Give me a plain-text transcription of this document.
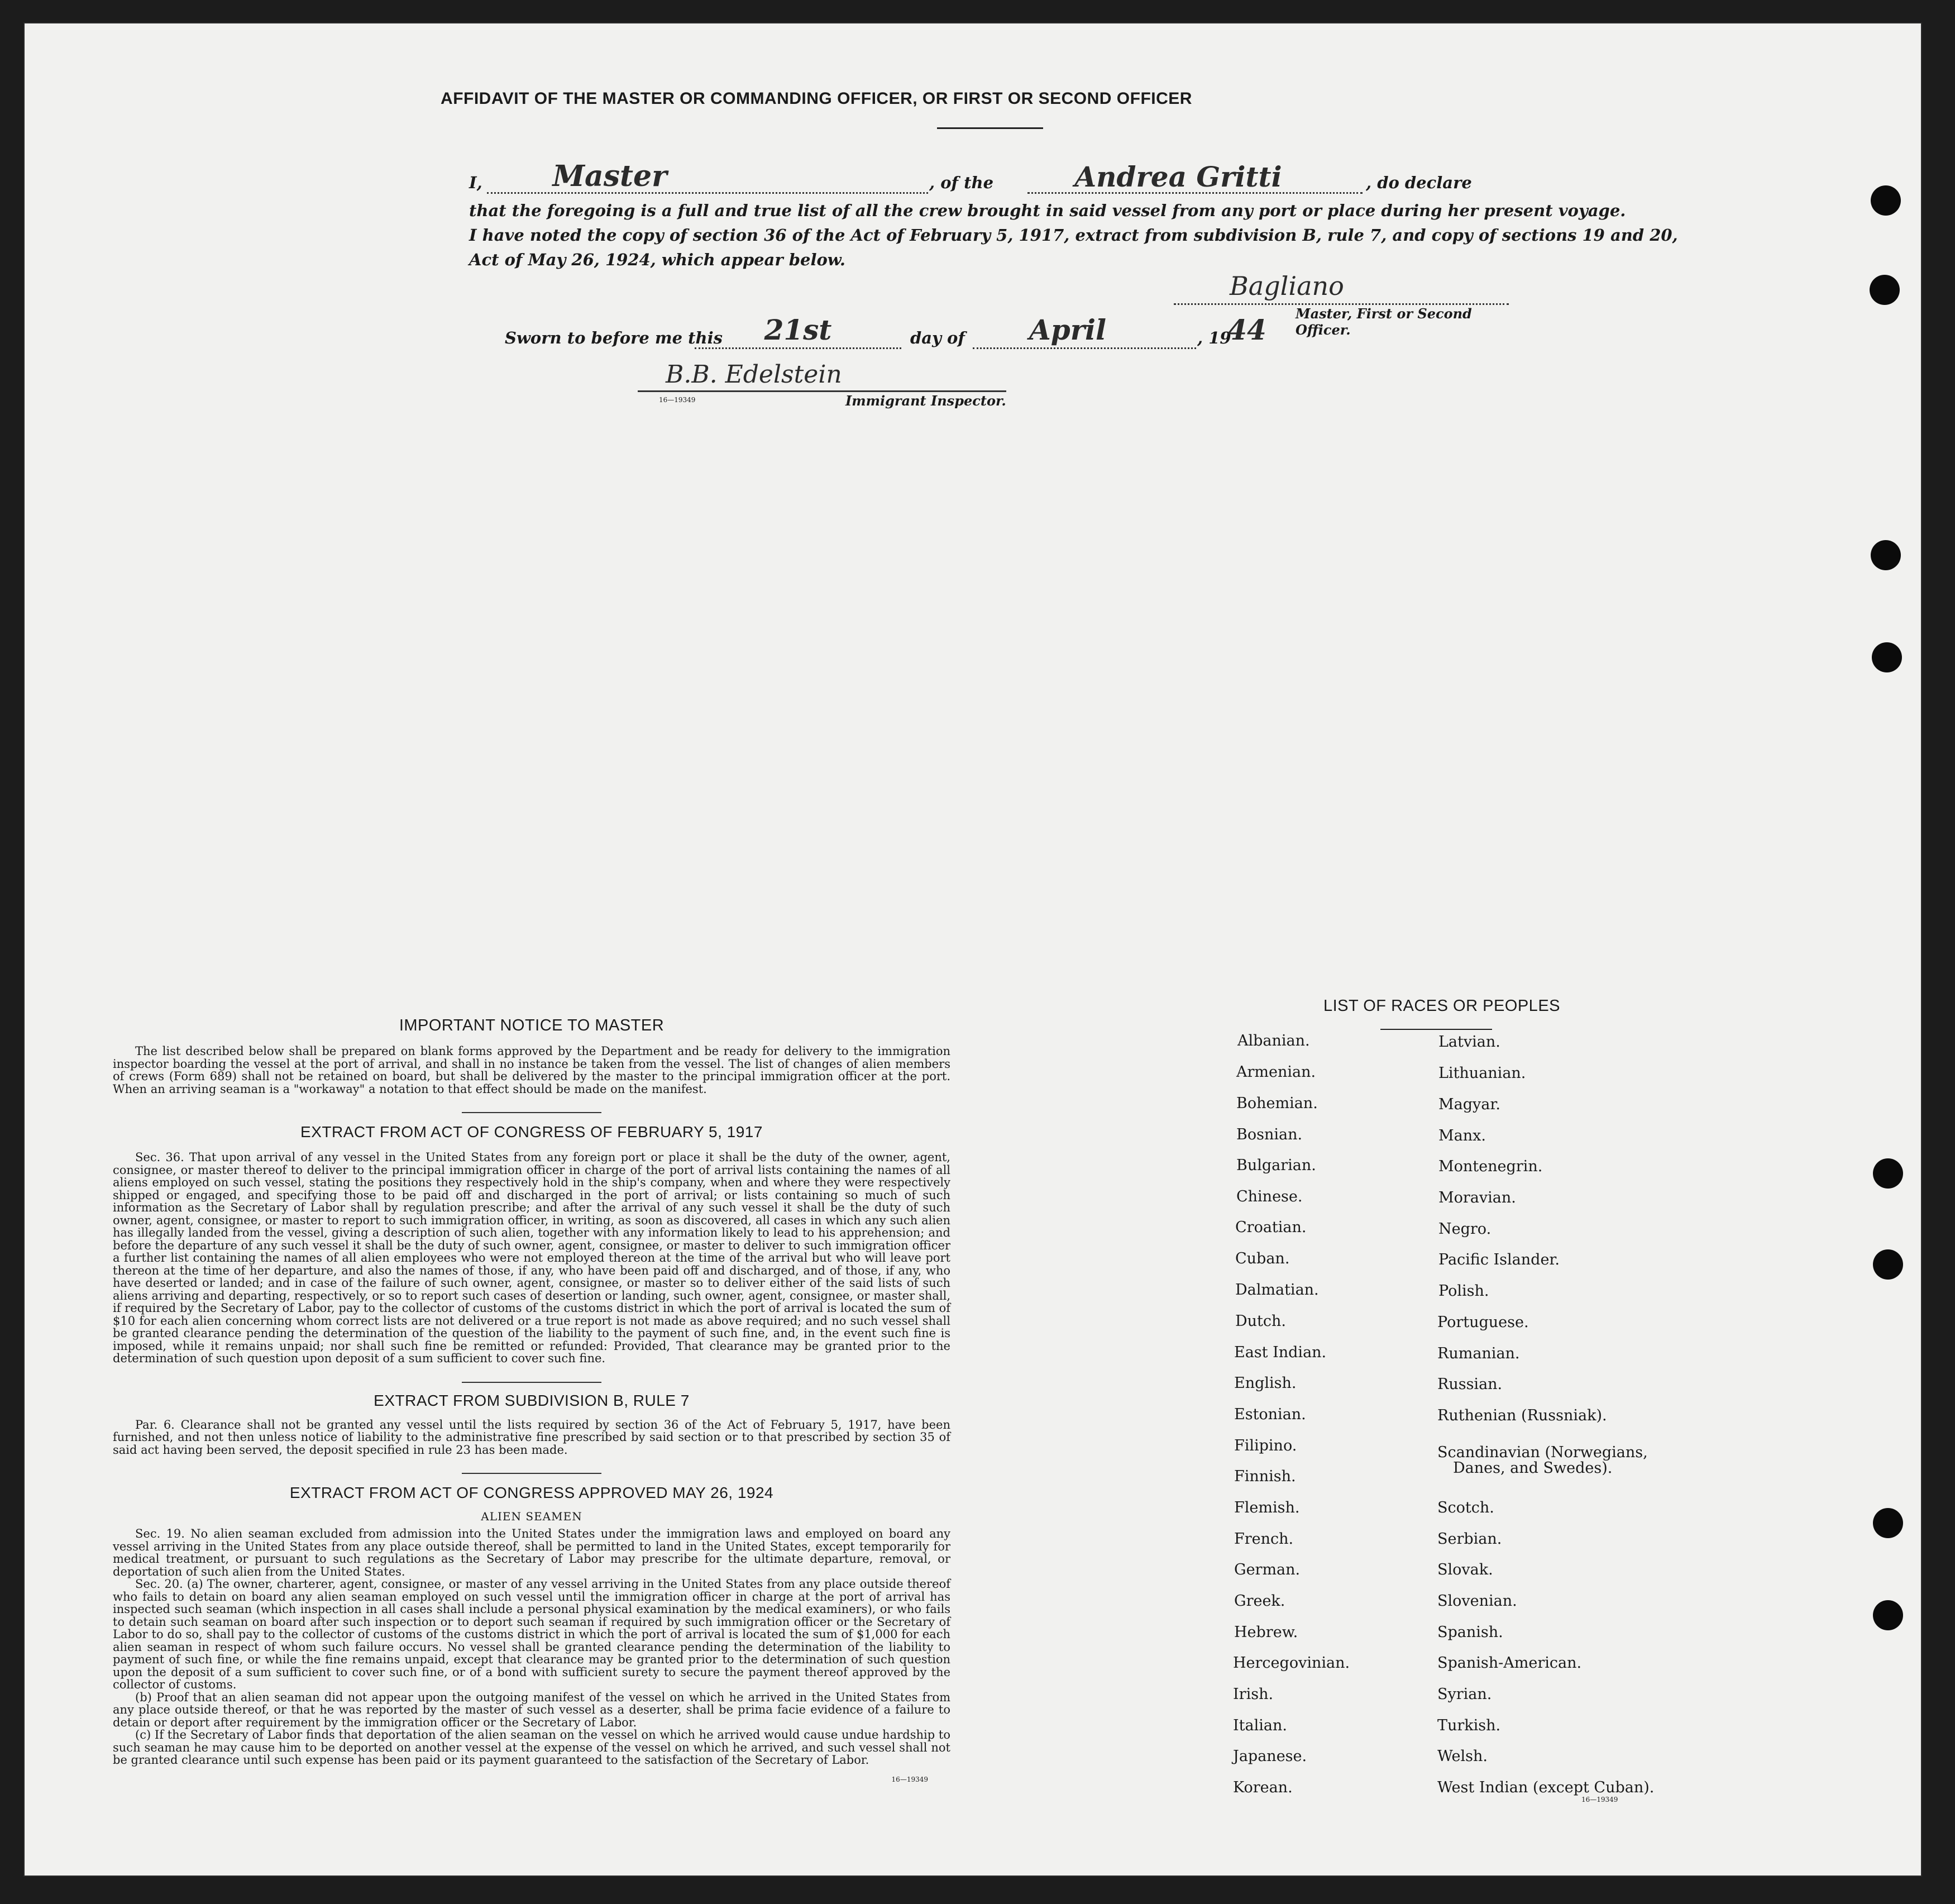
AFFIDAVIT OF THE MASTER OR COMMANDING OFFICER, OR FIRST OR SECOND OFFICER
I,	Master	, of the	Andrea Gritti	, do declare
that the foregoing is a full and true list of all the crew brought in said vessel from any port or place during her present voyage.
I have noted the copy of section 36 of the Act of February 5, 1917, extract from subdivision B, rule 7, and copy of sections 19 and 20,
Act of May 26, 1924, which appear below.
Bagliano
Master, First or Second Officer.
Sworn to before me this	21st	day of	April	, 19
44
B.B. Edelstein
16—19349	Immigrant Inspector.
IMPORTANT NOTICE TO MASTER
The list described below shall be prepared on blank forms approved by the Department and be ready for delivery to the immigration inspector boarding the vessel at the port of arrival, and shall in no instance be taken from the vessel. The list of changes of alien members of crews (Form 689) shall not be retained on board, but shall be delivered by the master to the principal immigration officer at the port. When an arriving seaman is a "workaway" a notation to that effect should be made on the manifest.
EXTRACT FROM ACT OF CONGRESS OF FEBRUARY 5, 1917
Sec. 36. That upon arrival of any vessel in the United States from any foreign port or place it shall be the duty of the owner, agent, consignee, or master thereof to deliver to the principal immigration officer in charge of the port of arrival lists containing the names of all aliens employed on such vessel, stating the positions they respectively hold in the ship's company, when and where they were respectively shipped or engaged, and specifying those to be paid off and discharged in the port of arrival; or lists containing so much of such information as the Secretary of Labor shall by regulation prescribe; and after the arrival of any such vessel it shall be the duty of such owner, agent, consignee, or master to report to such immigration officer, in writing, as soon as discovered, all cases in which any such alien has illegally landed from the vessel, giving a description of such alien, together with any information likely to lead to his apprehension; and before the departure of any such vessel it shall be the duty of such owner, agent, consignee, or master to deliver to such immigration officer a further list containing the names of all alien employees who were not employed thereon at the time of the arrival but who will leave port thereon at the time of her departure, and also the names of those, if any, who have been paid off and discharged, and of those, if any, who have deserted or landed; and in case of the failure of such owner, agent, consignee, or master so to deliver either of the said lists of such aliens arriving and departing, respectively, or so to report such cases of desertion or landing, such owner, agent, consignee, or master shall, if required by the Secretary of Labor, pay to the collector of customs of the customs district in which the port of arrival is located the sum of $10 for each alien concerning whom correct lists are not delivered or a true report is not made as above required; and no such vessel shall be granted clearance pending the determination of the question of the liability to the payment of such fine, and, in the event such fine is imposed, while it remains unpaid; nor shall such fine be remitted or refunded: Provided, That clearance may be granted prior to the determination of such question upon deposit of a sum sufficient to cover such fine.
EXTRACT FROM SUBDIVISION B, RULE 7
Par. 6. Clearance shall not be granted any vessel until the lists required by section 36 of the Act of February 5, 1917, have been furnished, and not then unless notice of liability to the administrative fine prescribed by said section or to that prescribed by section 35 of said act having been served, the deposit specified in rule 23 has been made.
EXTRACT FROM ACT OF CONGRESS APPROVED MAY 26, 1924
ALIEN SEAMEN
Sec. 19. No alien seaman excluded from admission into the United States under the immigration laws and employed on board any vessel arriving in the United States from any place outside thereof, shall be permitted to land in the United States, except temporarily for medical treatment, or pursuant to such regulations as the Secretary of Labor may prescribe for the ultimate departure, removal, or deportation of such alien from the United States.
Sec. 20. (a) The owner, charterer, agent, consignee, or master of any vessel arriving in the United States from any place outside thereof who fails to detain on board any alien seaman employed on such vessel until the immigration officer in charge at the port of arrival has inspected such seaman (which inspection in all cases shall include a personal physical examination by the medical examiners), or who fails to detain such seaman on board after such inspection or to deport such seaman if required by such immigration officer or the Secretary of Labor to do so, shall pay to the collector of customs of the customs district in which the port of arrival is located the sum of $1,000 for each alien seaman in respect of whom such failure occurs. No vessel shall be granted clearance pending the determination of the liability to payment of such fine, or while the fine remains unpaid, except that clearance may be granted prior to the determination of such question upon the deposit of a sum sufficient to cover such fine, or of a bond with sufficient surety to secure the payment thereof approved by the collector of customs.
(b) Proof that an alien seaman did not appear upon the outgoing manifest of the vessel on which he arrived in the United States from any place outside thereof, or that he was reported by the master of such vessel as a deserter, shall be prima facie evidence of a failure to detain or deport after requirement by the immigration officer or the Secretary of Labor.
(c) If the Secretary of Labor finds that deportation of the alien seaman on the vessel on which he arrived would cause undue hardship to such seaman he may cause him to be deported on another vessel at the expense of the vessel on which he arrived, and such vessel shall not be granted clearance until such expense has been paid or its payment guaranteed to the satisfaction of the Secretary of Labor.
16—19349
LIST OF RACES OR PEOPLES
Albanian.
Armenian.
Bohemian.
Bosnian.
Bulgarian.
Chinese.
Croatian.
Cuban.
Dalmatian.
Dutch.
East Indian.
English.
Estonian.
Filipino.
Finnish.
Flemish.
French.
German.
Greek.
Hebrew.
Hercegovinian.
Irish.
Italian.
Japanese.
Korean.
Latvian.
Lithuanian.
Magyar.
Manx.
Montenegrin.
Moravian.
Negro.
Pacific Islander.
Polish.
Portuguese.
Rumanian.
Russian.
Ruthenian (Russniak).
Scandinavian (Norwegians,
Danes, and Swedes).
Scotch.
Serbian.
Slovak.
Slovenian.
Spanish.
Spanish-American.
Syrian.
Turkish.
Welsh.
West Indian (except Cuban).
16—19349
